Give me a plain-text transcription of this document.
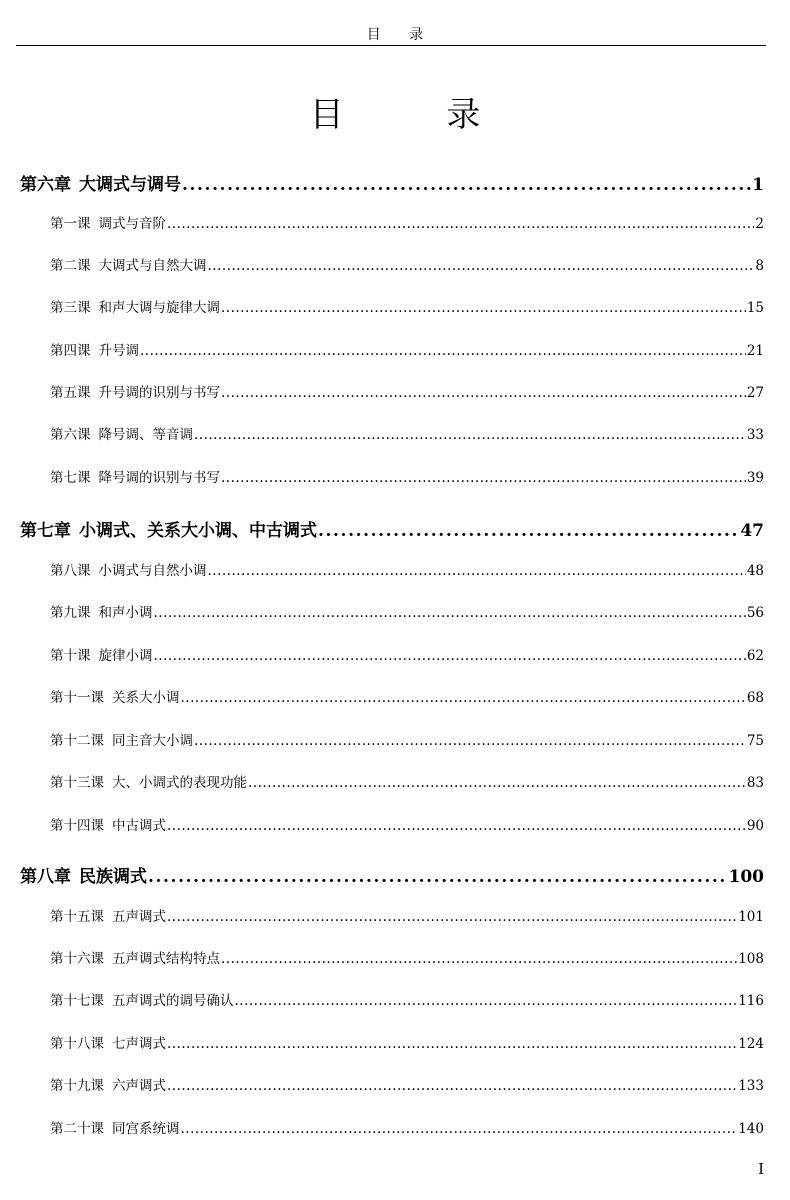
目 录
目 录
第六章 大调式与调号 .....	1
第一课 调式与音阶 .....	2
第二课 大调式与自然大调 .....	8
第三课 和声大调与旋律大调 .....	15
第四课 升号调 .....	21
第五课 升号调的识别与书写 .....	27
第六课 降号调、等音调 .....	33
第七课 降号调的识别与书写 .....	39
第七章 小调式、关系大小调、中古调式 .....	47
第八课 小调式与自然小调 .....	48
第九课 和声小调 .....	56
第十课 旋律小调 .....	62
第十一课 关系大小调 .....	68
第十二课 同主音大小调 .....	75
第十三课 大、小调式的表现功能 .....	83
第十四课 中古调式 .....	90
第八章 民族调式 .....	100
第十五课 五声调式 .....	101
第十六课 五声调式结构特点 .....	108
第十七课 五声调式的调号确认 .....	116
第十八课 七声调式 .....	124
第十九课 六声调式 .....	133
第二十课 同宫系统调 .....	140
I
